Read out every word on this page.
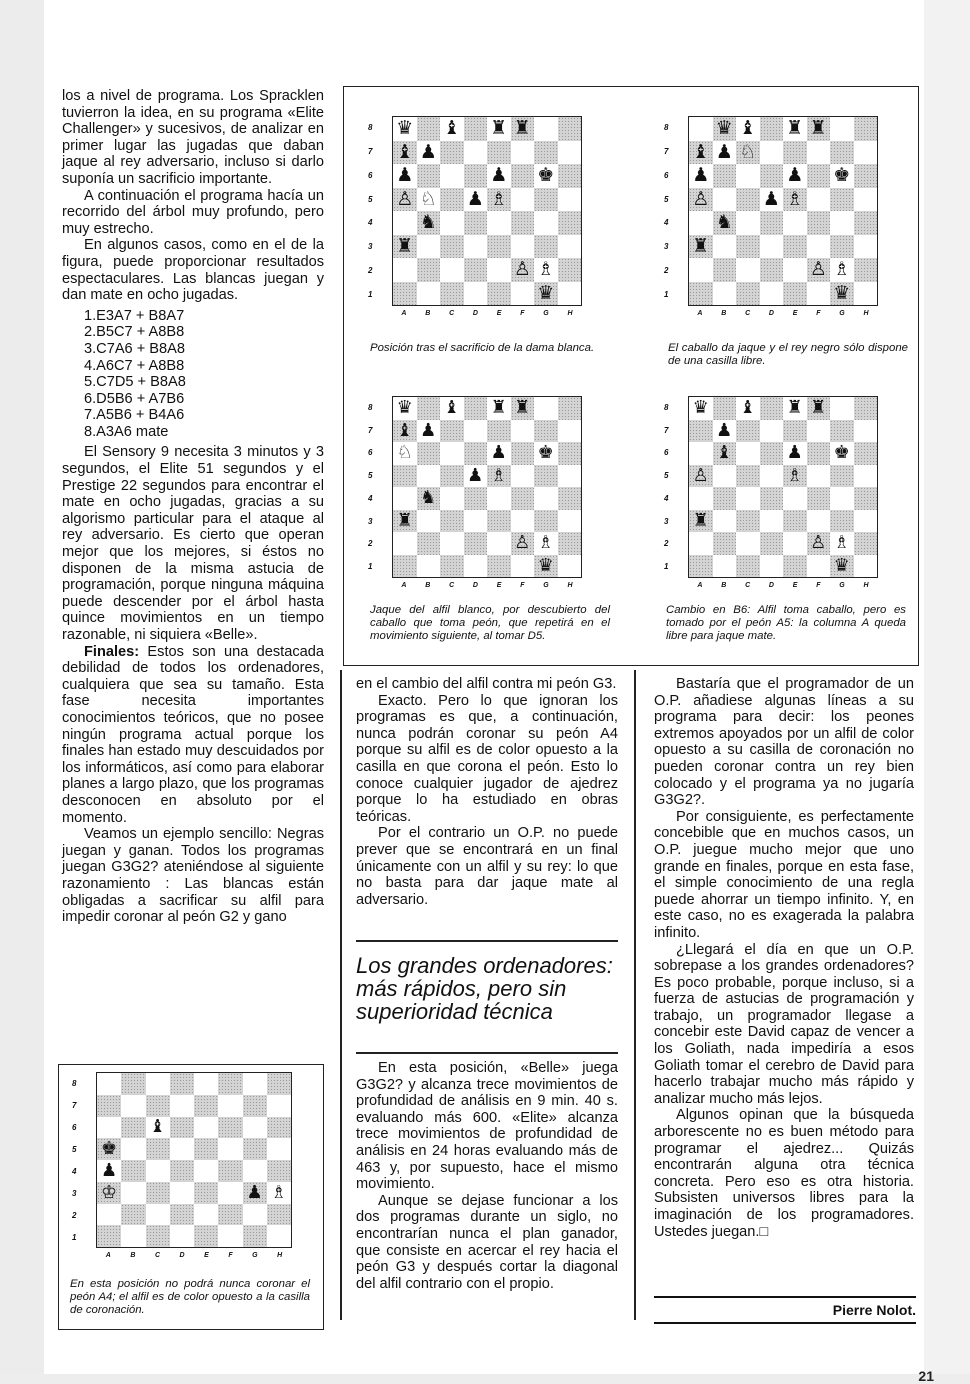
los a nivel de programa. Los Spracklen tuvierron la idea, en su programa «Elite Challenger» y sucesivos, de analizar en primer lugar las jugadas que daban jaque al rey adversario, incluso si darlo suponía un sacrificio importante.

A continuación el programa hacía un recorrido del árbol muy profundo, pero muy estrecho.

En algunos casos, como en el de la figura, puede proporcionar resultados espectaculares. Las blancas juegan y dan mate en ocho jugadas.

1.E3A7 + B8A7
2.B5C7 + A8B8
3.C7A6 + B8A8
4.A6C7 + A8B8
5.C7D5 + B8A8
6.D5B6 + A7B6
7.A5B6 + B4A6
8.A3A6 mate

El Sensory 9 necesita 3 minutos y 3 segundos, el Elite 51 segundos y el Prestige 22 segundos para encontrar el mate en ocho jugadas, gracias a su algorismo particular para el ataque al rey adversario. Es cierto que operan mejor que los mejores, si éstos no disponen de la misma astucia de programación, porque ninguna máquina puede descender por el árbol hasta quince movimientos en un tiempo razonable, ni siquiera «Belle».

Finales: Estos son una destacada debilidad de todos los ordenadores, cualquiera que sea su tamaño. Esta fase necesita importantes conocimientos teóricos, que no posee ningún programa actual porque los finales han estado muy descuidados por los informáticos, así como para elaborar planes a largo plazo, que los programas desconocen en absoluto por el momento.

Veamos un ejemplo sencillo: Negras juegan y ganan. Todos los programas juegan G3G2? ateniéndose al siguiente razonamiento : Las blancas están obligadas a sacrificar su alfil para impedir coronar al peón G2 y gano

8
7
6
5
4
3
2
1
♛ ♝ ♜ ♜
♝ ♟
♟	♟ ♚
♙ ♘ ♟ ♗
♞
♜
♙ ♗
♛
A	B	C	D	E	F	G	H
8
7
6
5
4
3
2
1
♛ ♝ ♜ ♜
♝ ♟ ♘
♟	♟ ♚
♙	♟ ♗
♞
♜
♙ ♗
♛
A	B	C	D	E	F	G	H
Posición tras el sacrificio de la dama blanca.	El caballo da jaque y el rey negro sólo dispone de una casilla libre.
8
7
6
5
4
3
2
1
♛ ♝ ♜ ♜
♝ ♟
♘	♟ ♚
♟ ♗
♞
♜
♙ ♗
♛
A	B	C	D	E	F	G	H
8
7
6
5
4
3
2
1
♛ ♝ ♜ ♜
♟
♝	♟ ♚
♙	♗
♜
♙ ♗
♛
A	B	C	D	E	F	G	H
Jaque del alfil blanco, por descubierto del caballo que toma peón, que repetirá en el movimiento siguiente, al tomar D5.
Cambio en B6: Alfil toma caballo, pero es tomado por el peón A5: la columna A queda libre para jaque mate.

en el cambio del alfil contra mi peón G3.

Exacto. Pero lo que ignoran los programas es que, a continuación, nunca podrán coronar su peón A4 porque su alfil es de color opuesto a la casilla en que corona el peón. Esto lo conoce cualquier jugador de ajedrez porque lo ha estudiado en obras teóricas.

Por el contrario un O.P. no puede prever que se encontrará en un final únicamente con un alfil y su rey: lo que no basta para dar jaque mate al adversario.

Los grandes ordenadores: más rápidos, pero sin superioridad técnica

En esta posición, «Belle» juega G3G2? y alcanza trece movimientos de profundidad de análisis en 9 min. 40 s. evaluando más 600. «Elite» alcanza trece movimientos de profundidad de análisis en 24 horas evaluando más de 463 y, por supuesto, hace el mismo movimiento.

Aunque se dejase funcionar a los dos programas durante un siglo, no encontrarían nunca el plan ganador, que consiste en acercar el rey hacia el peón G3 y después cortar la diagonal del alfil contrario con el propio.

Bastaría que el programador de un O.P. añadiese algunas líneas a su programa para decir: los peones extremos apoyados por un alfil de color opuesto a su casilla de coronación no pueden coronar contra un rey bien colocado y el programa ya no jugaría G3G2?.

Por consiguiente, es perfectamente concebible que en muchos casos, un O.P. juegue mucho mejor que uno grande en finales, porque en esta fase, el simple conocimiento de una regla puede ahorrar un tiempo infinito. Y, en este caso, no es exagerada la palabra infinito.

¿Llegará el día en que un O.P. sobrepase a los grandes ordenadores? Es poco probable, porque incluso, si a fuerza de astucias de programación y trabajo, un programador llegase a concebir este David capaz de vencer a los Goliath, nada impediría a esos Goliath tomar el cerebro de David para hacerlo trabajar mucho más rápido y analizar mucho más lejos.

Algunos opinan que la búsqueda arborescente no es buen método para programar el ajedrez... Quizás encontrarán alguna otra técnica concreta. Pero eso es otra historia. Subsisten universos libres para la imaginación de los programadores. Ustedes juegan.□

Pierre Nolot.
8
7
6
5
4
3
2
1
♝
♚
♟
♔	♟ ♗
A	B	C	D	E	F	G	H
En esta posición no podrá nunca coronar el peón A4; el alfil es de color opuesto a la casilla de coronación.
21
